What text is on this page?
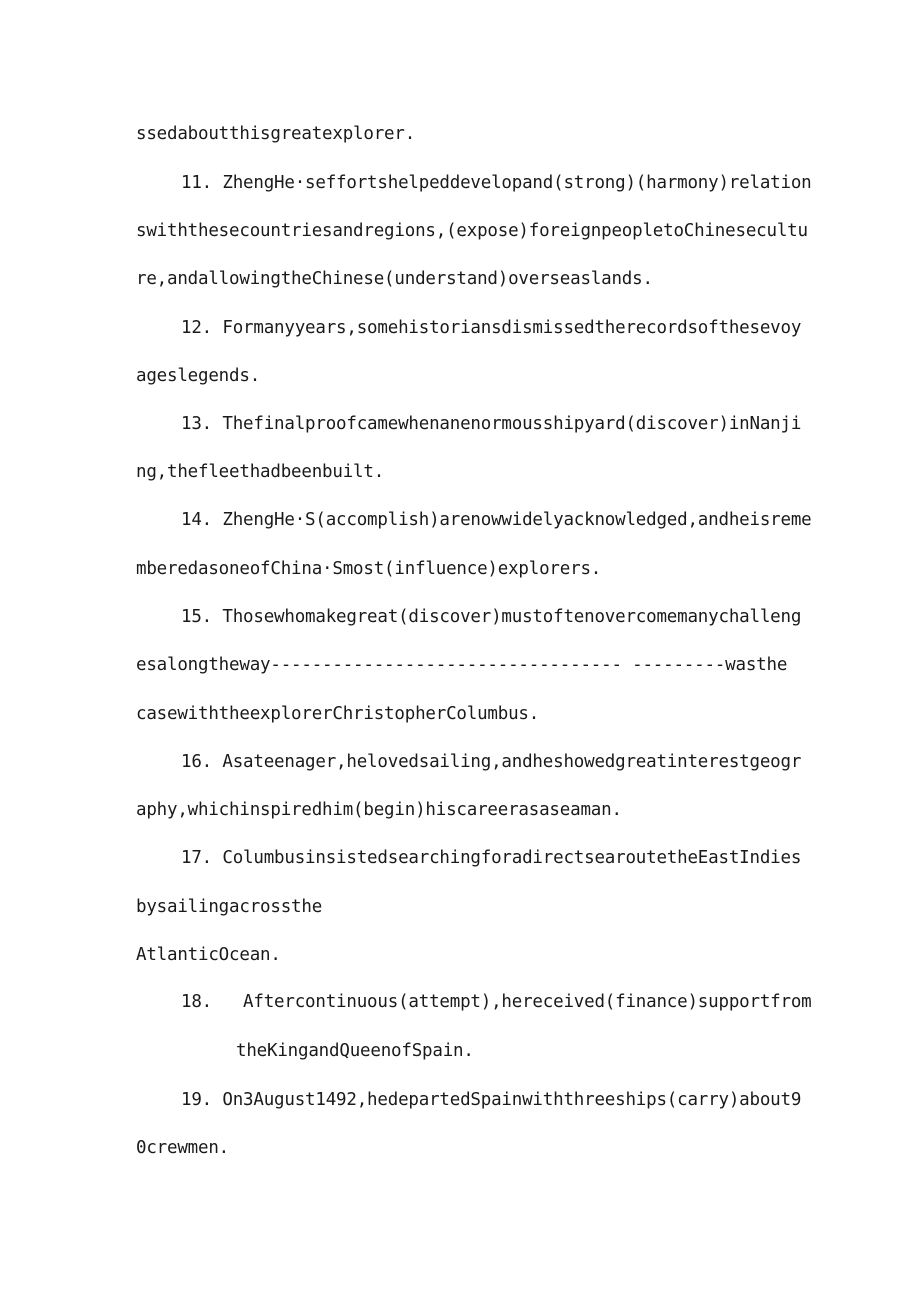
ssedaboutthisgreatexplorer.

11. ZhengHe·seffortshelpeddevelopand(strong)(harmony)relation

swiththesecountriesandregions,(expose)foreignpeopletoChinesecultu

re,andallowingtheChinese(understand)overseaslands.

12. Formanyyears,somehistoriansdismissedtherecordsofthesevoy

ageslegends.

13. Thefinalproofcamewhenanenormousshipyard(discover)inNanji

ng,thefleethadbeenbuilt.

14. ZhengHe·S(accomplish)arenowwidelyacknowledged,andheisreme

mberedasoneofChina·Smost(influence)explorers.

15. Thosewhomakegreat(discover)mustoftenovercomemanychalleng

esalongtheway---------------------------------- ---------wasthe

casewiththeexplorerChristopherColumbus.

16. Asateenager,helovedsailing,andheshowedgreatinterestgeogr

aphy,whichinspiredhim(begin)hiscareerasaseaman.

17. ColumbusinsistedsearchingforadirectsearoutetheEastIndies

bysailingacrossthe

AtlanticOcean.

18. Aftercontinuous(attempt),hereceived(finance)supportfrom

theKingandQueenofSpain.

19. On3August1492,hedepartedSpainwiththreeships(carry)about9

0crewmen.
